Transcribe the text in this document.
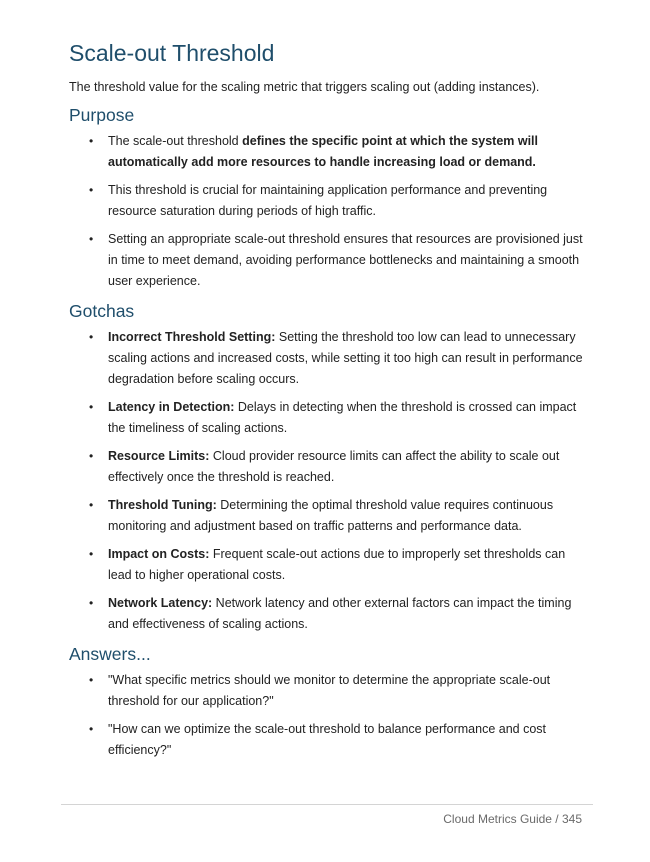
Scale-out Threshold

The threshold value for the scaling metric that triggers scaling out (adding instances).

Purpose
• The scale-out threshold defines the specific point at which the system will automatically add more resources to handle increasing load or demand.
• This threshold is crucial for maintaining application performance and preventing resource saturation during periods of high traffic.
• Setting an appropriate scale-out threshold ensures that resources are provisioned just in time to meet demand, avoiding performance bottlenecks and maintaining a smooth user experience.
Gotchas
• Incorrect Threshold Setting: Setting the threshold too low can lead to unnecessary scaling actions and increased costs, while setting it too high can result in performance degradation before scaling occurs.
• Latency in Detection: Delays in detecting when the threshold is crossed can impact the timeliness of scaling actions.
• Resource Limits: Cloud provider resource limits can affect the ability to scale out effectively once the threshold is reached.
• Threshold Tuning: Determining the optimal threshold value requires continuous monitoring and adjustment based on traffic patterns and performance data.
• Impact on Costs: Frequent scale-out actions due to improperly set thresholds can lead to higher operational costs.
• Network Latency: Network latency and other external factors can impact the timing and effectiveness of scaling actions.
Answers...
• "What specific metrics should we monitor to determine the appropriate scale-out threshold for our application?"
• "How can we optimize the scale-out threshold to balance performance and cost efficiency?"
Cloud Metrics Guide / 345
